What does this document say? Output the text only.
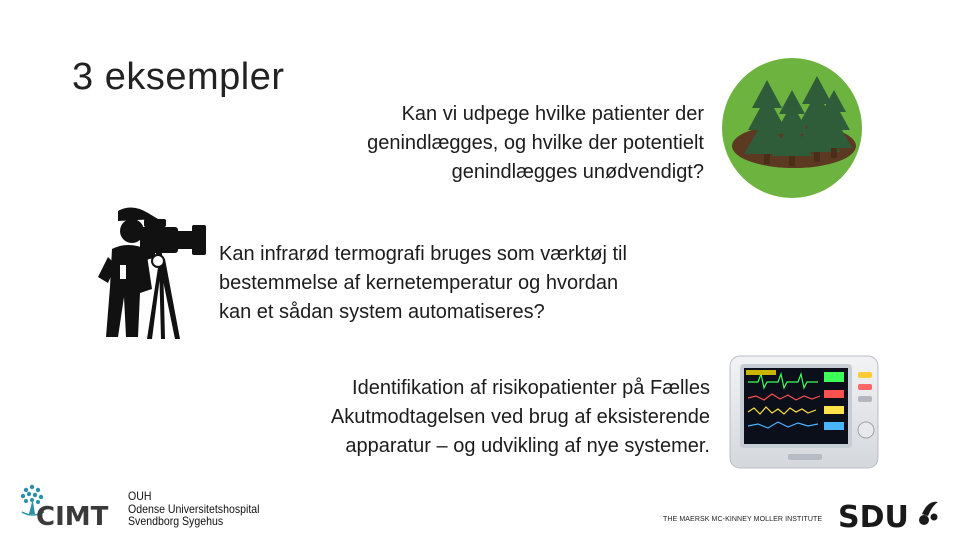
3 eksempler
Kan vi udpege hvilke patienter der
genindlægges, og hvilke der potentielt
genindlægges unødvendigt?
Kan infrarød termografi bruges som værktøj til
bestemmelse af kernetemperatur og hvordan
kan et sådan system automatiseres?
Identifikation af risikopatienter på Fælles
Akutmodtagelsen ved brug af eksisterende
apparatur – og udvikling af nye systemer.
CIMT
OUH
Odense Universitetshospital
Svendborg Sygehus	THE MAERSK MC-KINNEY MOLLER INSTITUTE SDU
